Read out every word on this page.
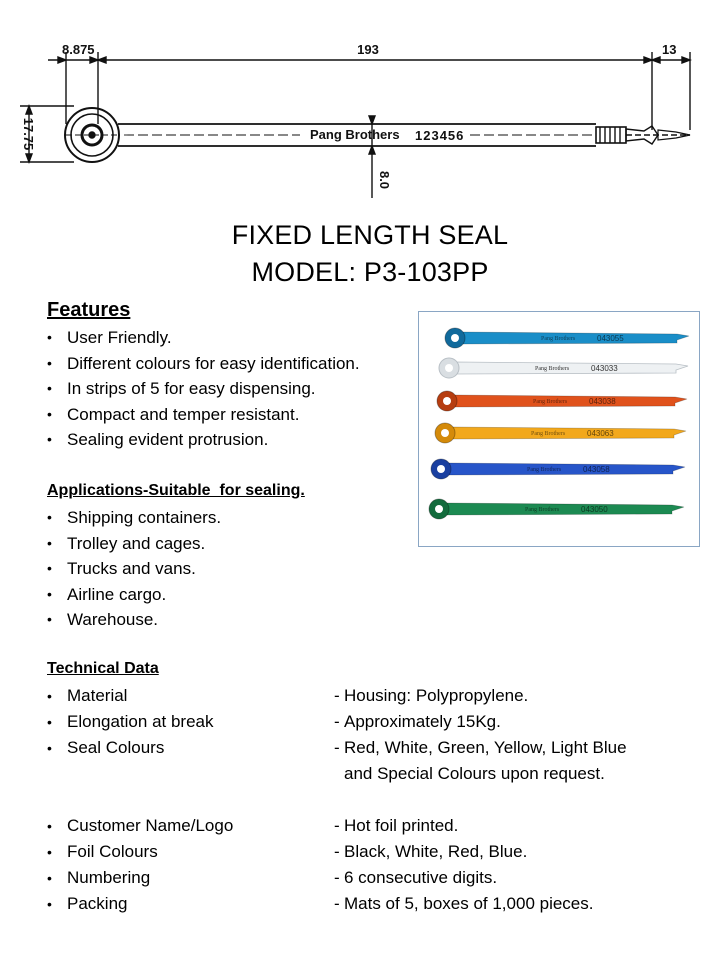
8.875	193	13
17.75
8.0
Pang Brothers 123456
FIXED LENGTH SEAL
MODEL: P3-103PP
Features
• User Friendly.
• Different colours for easy identification.
• In strips of 5 for easy dispensing.
• Compact and temper resistant.
• Sealing evident protrusion.
Applications-Suitable  for sealing.
• Shipping containers.
• Trolley and cages.
• Trucks and vans.
• Airline cargo.
• Warehouse.
Technical Data
• Material	- Housing: Polypropylene.
• Elongation at break	- Approximately 15Kg.
• Seal Colours	- Red, White, Green, Yellow, Light Blue and Special Colours upon request.
• Customer Name/Logo	- Hot foil printed.
• Foil Colours	- Black, White, Red, Blue.
• Numbering	- 6 consecutive digits.
• Packing	- Mats of 5, boxes of 1,000 pieces.
Pang Brothers	043055
Pang Brothers	043033
Pang Brothers	043038
Pang Brothers	043063
Pang Brothers	043058
Pang Brothers	043050
